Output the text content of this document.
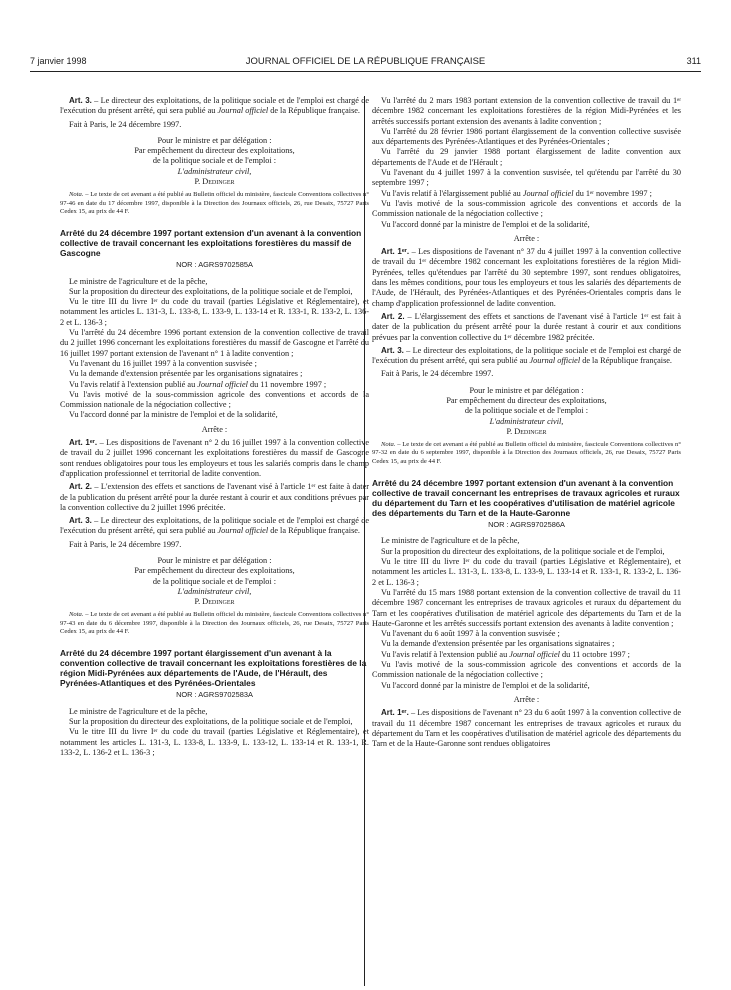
7 janvier 1998	JOURNAL OFFICIEL DE LA RÉPUBLIQUE FRANÇAISE	311

Art. 3. – Le directeur des exploitations, de la politique sociale et de l'emploi est chargé de l'exécution du présent arrêté, qui sera publié au Journal officiel de la République française.

Fait à Paris, le 24 décembre 1997.

Pour le ministre et par délégation :

Par empêchement du directeur des exploitations,

de la politique sociale et de l'emploi :

L'administrateur civil,

P. Dedinger

Nota. – Le texte de cet avenant a été publié au Bulletin officiel du ministère, fascicule Conventions collectives n° 97-46 en date du 17 décembre 1997, disponible à la Direction des Journaux officiels, 26, rue Desaix, 75727 Paris Cedex 15, au prix de 44 F.

Arrêté du 24 décembre 1997 portant extension d'un avenant à la convention collective de travail concernant les exploitations forestières du massif de Gascogne

NOR : AGRS9702585A

Le ministre de l'agriculture et de la pêche,

Sur la proposition du directeur des exploitations, de la politique sociale et de l'emploi,

Vu le titre III du livre Iᵉʳ du code du travail (parties Législative et Réglementaire), et notamment les articles L. 131-3, L. 133-8, L. 133-9, L. 133-14 et R. 133-1, R. 133-2, L. 136-2 et L. 136-3 ;

Vu l'arrêté du 24 décembre 1996 portant extension de la convention collective de travail du 2 juillet 1996 concernant les exploitations forestières du massif de Gascogne et l'arrêté du 16 juillet 1997 portant extension de l'avenant n° 1 à ladite convention ;

Vu l'avenant du 16 juillet 1997 à la convention susvisée ;

Vu la demande d'extension présentée par les organisations signataires ;

Vu l'avis relatif à l'extension publié au Journal officiel du 11 novembre 1997 ;

Vu l'avis motivé de la sous-commission agricole des conventions et accords de la Commission nationale de la négociation collective ;

Vu l'accord donné par la ministre de l'emploi et de la solidarité,

Arrête :

Art. 1ᵉʳ. – Les dispositions de l'avenant n° 2 du 16 juillet 1997 à la convention collective de travail du 2 juillet 1996 concernant les exploitations forestières du massif de Gascogne sont rendues obligatoires pour tous les employeurs et tous les salariés compris dans le champ d'application professionnel et territorial de ladite convention.

Art. 2. – L'extension des effets et sanctions de l'avenant visé à l'article 1ᵉʳ est faite à dater de la publication du présent arrêté pour la durée restant à courir et aux conditions prévues par la convention collective du 2 juillet 1996 précitée.

Art. 3. – Le directeur des exploitations, de la politique sociale et de l'emploi est chargé de l'exécution du présent arrêté, qui sera publié au Journal officiel de la République française.

Fait à Paris, le 24 décembre 1997.

Pour le ministre et par délégation :

Par empêchement du directeur des exploitations,

de la politique sociale et de l'emploi :

L'administrateur civil,

P. Dedinger

Nota. – Le texte de cet avenant a été publié au Bulletin officiel du ministère, fascicule Conventions collectives n° 97-43 en date du 6 décembre 1997, disponible à la Direction des Journaux officiels, 26, rue Desaix, 75727 Paris Cedex 15, au prix de 44 F.

Arrêté du 24 décembre 1997 portant élargissement d'un avenant à la convention collective de travail concernant les exploitations forestières de la région Midi-Pyrénées aux départements de l'Aude, de l'Hérault, des Pyrénées-Atlantiques et des Pyrénées-Orientales

NOR : AGRS9702583A

Le ministre de l'agriculture et de la pêche,

Sur la proposition du directeur des exploitations, de la politique sociale et de l'emploi,

Vu le titre III du livre Iᵉʳ du code du travail (parties Législative et Réglementaire), et notamment les articles L. 131-3, L. 133-8, L. 133-9, L. 133-12, L. 133-14 et R. 133-1, R. 133-2, L. 136-2 et L. 136-3 ;

Vu l'arrêté du 2 mars 1983 portant extension de la convention collective de travail du 1ᵉʳ décembre 1982 concernant les exploitations forestières de la région Midi-Pyrénées et les arrêtés successifs portant extension des avenants à ladite convention ;

Vu l'arrêté du 28 février 1986 portant élargissement de la convention collective susvisée aux départements des Pyrénées-Atlantiques et des Pyrénées-Orientales ;

Vu l'arrêté du 29 janvier 1988 portant élargissement de ladite convention aux départements de l'Aude et de l'Hérault ;

Vu l'avenant du 4 juillet 1997 à la convention susvisée, tel qu'étendu par l'arrêté du 30 septembre 1997 ;

Vu l'avis relatif à l'élargissement publié au Journal officiel du 1ᵉʳ novembre 1997 ;

Vu l'avis motivé de la sous-commission agricole des conventions et accords de la Commission nationale de la négociation collective ;

Vu l'accord donné par la ministre de l'emploi et de la solidarité,

Arrête :

Art. 1ᵉʳ. – Les dispositions de l'avenant n° 37 du 4 juillet 1997 à la convention collective de travail du 1ᵉʳ décembre 1982 concernant les exploitations forestières de la région Midi-Pyrénées, telles qu'étendues par l'arrêté du 30 septembre 1997, sont rendues obligatoires, dans les mêmes conditions, pour tous les employeurs et tous les salariés des départements de l'Aude, de l'Hérault, des Pyrénées-Atlantiques et des Pyrénées-Orientales compris dans le champ d'application professionnel de ladite convention.

Art. 2. – L'élargissement des effets et sanctions de l'avenant visé à l'article 1ᵉʳ est fait à dater de la publication du présent arrêté pour la durée restant à courir et aux conditions prévues par la convention collective du 1ᵉʳ décembre 1982 précitée.

Art. 3. – Le directeur des exploitations, de la politique sociale et de l'emploi est chargé de l'exécution du présent arrêté, qui sera publié au Journal officiel de la République française.

Fait à Paris, le 24 décembre 1997.

Pour le ministre et par délégation :

Par empêchement du directeur des exploitations,

de la politique sociale et de l'emploi :

L'administrateur civil,

P. Dedinger

Nota. – Le texte de cet avenant a été publié au Bulletin officiel du ministère, fascicule Conventions collectives n° 97-32 en date du 6 septembre 1997, disponible à la Direction des Journaux officiels, 26, rue Desaix, 75727 Paris Cedex 15, au prix de 44 F.

Arrêté du 24 décembre 1997 portant extension d'un avenant à la convention collective de travail concernant les entreprises de travaux agricoles et ruraux du département du Tarn et les coopératives d'utilisation de matériel agricole des départements du Tarn et de la Haute-Garonne

NOR : AGRS9702586A

Le ministre de l'agriculture et de la pêche,

Sur la proposition du directeur des exploitations, de la politique sociale et de l'emploi,

Vu le titre III du livre Iᵉʳ du code du travail (parties Législative et Réglementaire), et notamment les articles L. 131-3, L. 133-8, L. 133-9, L. 133-14 et R. 133-1, R. 133-2, L. 136-2 et L. 136-3 ;

Vu l'arrêté du 15 mars 1988 portant extension de la convention collective de travail du 11 décembre 1987 concernant les entreprises de travaux agricoles et ruraux du département du Tarn et les coopératives d'utilisation de matériel agricole des départements du Tarn et de la Haute-Garonne et les arrêtés successifs portant extension des avenants à ladite convention ;

Vu l'avenant du 6 août 1997 à la convention susvisée ;

Vu la demande d'extension présentée par les organisations signataires ;

Vu l'avis relatif à l'extension publié au Journal officiel du 11 octobre 1997 ;

Vu l'avis motivé de la sous-commission agricole des conventions et accords de la Commission nationale de la négociation collective ;

Vu l'accord donné par la ministre de l'emploi et de la solidarité,

Arrête :

Art. 1ᵉʳ. – Les dispositions de l'avenant n° 23 du 6 août 1997 à la convention collective de travail du 11 décembre 1987 concernant les entreprises de travaux agricoles et ruraux du département du Tarn et les coopératives d'utilisation de matériel agricole des départements du Tarn et de la Haute-Garonne sont rendues obligatoires
